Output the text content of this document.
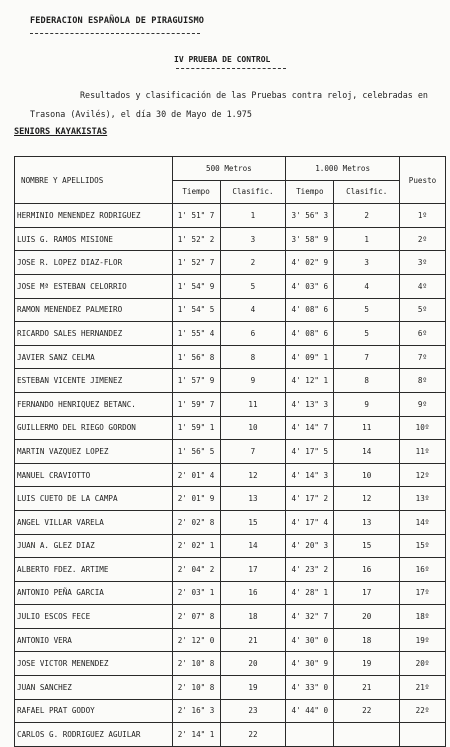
FEDERACION ESPAÑOLA DE PIRAGUISMO
IV PRUEBA DE CONTROL
Resultados y clasificación de las Pruebas contra reloj, celebradas en Trasona (Avilés), el día 30 de Mayo de 1.975
SENIORS KAYAKISTAS
NOMBRE Y APELLIDOS	500 Metros		1.000 Metros		Puesto
	Tiempo	Clasific.	Tiempo	Clasific.	
HERMINIO MENENDEZ RODRIGUEZ	1' 51" 7	1	3' 56" 3	2	1º
LUIS G. RAMOS MISIONE	1' 52" 2	3	3' 58" 9	1	2º
JOSE R. LOPEZ DIAZ-FLOR	1' 52" 7	2	4' 02" 9	3	3º
JOSE Mª ESTEBAN CELORRIO	1' 54" 9	5	4' 03" 6	4	4º
RAMON MENENDEZ PALMEIRO	1' 54" 5	4	4' 08" 6	5	5º
RICARDO SALES HERNANDEZ	1' 55" 4	6	4' 08" 6	5	6º
JAVIER SANZ CELMA	1' 56" 8	8	4' 09" 1	7	7º
ESTEBAN VICENTE JIMENEZ	1' 57" 9	9	4' 12" 1	8	8º
FERNANDO HENRIQUEZ BETANC.	1' 59" 7	11	4' 13" 3	9	9º
GUILLERMO DEL RIEGO GORDON	1' 59" 1	10	4' 14" 7	11	10º
MARTIN VAZQUEZ LOPEZ	1' 56" 5	7	4' 17" 5	14	11º
MANUEL CRAVIOTTO	2' 01" 4	12	4' 14" 3	10	12º
LUIS CUETO DE LA CAMPA	2' 01" 9	13	4' 17" 2	12	13º
ANGEL VILLAR VARELA	2' 02" 8	15	4' 17" 4	13	14º
JUAN A. GLEZ DIAZ	2' 02" 1	14	4' 20" 3	15	15º
ALBERTO FDEZ. ARTIME	2' 04" 2	17	4' 23" 2	16	16º
ANTONIO PEÑA GARCIA	2' 03" 1	16	4' 28" 1	17	17º
JULIO ESCOS FECE	2' 07" 8	18	4' 32" 7	20	18º
ANTONIO VERA	2' 12" 0	21	4' 30" 0	18	19º
JOSE VICTOR MENENDEZ	2' 10" 8	20	4' 30" 9	19	20º
JUAN SANCHEZ	2' 10" 8	19	4' 33" 0	21	21º
RAFAEL PRAT GODOY	2' 16" 3	23	4' 44" 0	22	22º
CARLOS G. RODRIGUEZ AGUILAR	2' 14" 1	22			
